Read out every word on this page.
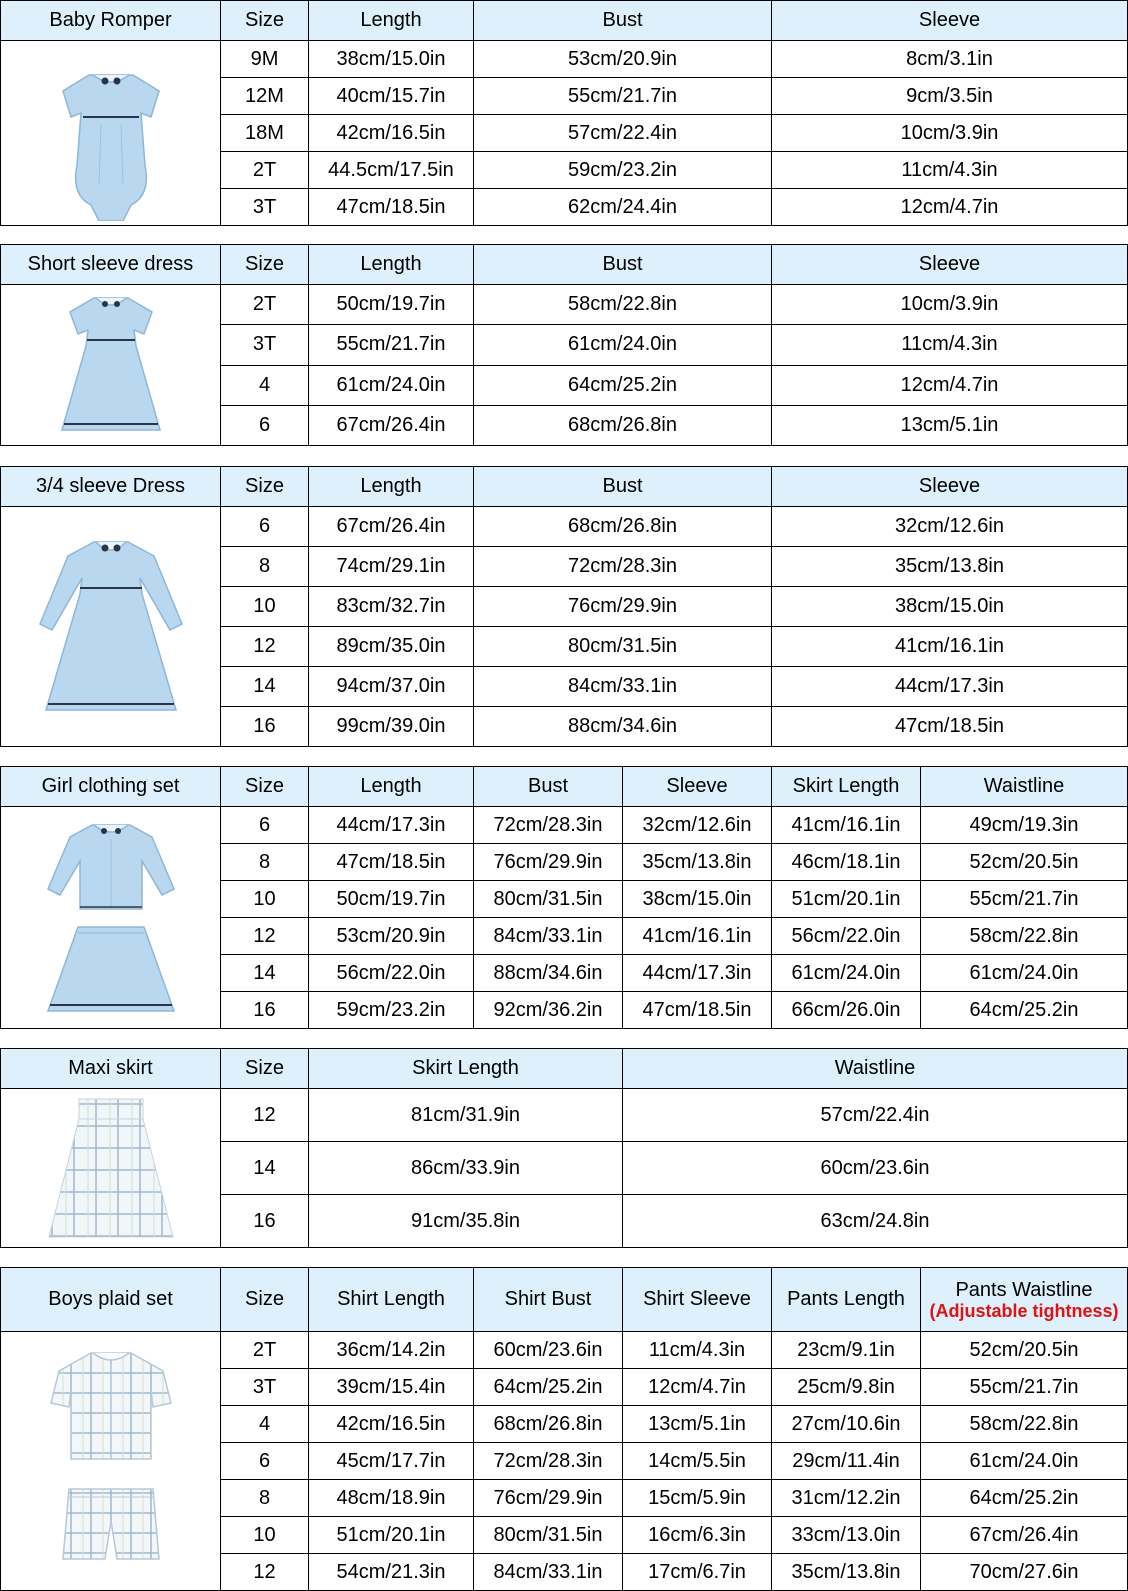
Baby Romper	Size	Length	Bust	Sleeve

	9M	38cm/15.0in	53cm/20.9in	8cm/3.1in
	12M	40cm/15.7in	55cm/21.7in	9cm/3.5in
	18M	42cm/16.5in	57cm/22.4in	10cm/3.9in
	2T	44.5cm/17.5in	59cm/23.2in	11cm/4.3in
	3T	47cm/18.5in	62cm/24.4in	12cm/4.7in
Short sleeve dress	Size	Length	Bust	Sleeve

	2T	50cm/19.7in	58cm/22.8in	10cm/3.9in
	3T	55cm/21.7in	61cm/24.0in	11cm/4.3in
	4	61cm/24.0in	64cm/25.2in	12cm/4.7in
	6	67cm/26.4in	68cm/26.8in	13cm/5.1in
3/4 sleeve Dress	Size	Length	Bust	Sleeve

	6	67cm/26.4in	68cm/26.8in	32cm/12.6in
	8	74cm/29.1in	72cm/28.3in	35cm/13.8in
	10	83cm/32.7in	76cm/29.9in	38cm/15.0in
	12	89cm/35.0in	80cm/31.5in	41cm/16.1in
	14	94cm/37.0in	84cm/33.1in	44cm/17.3in
	16	99cm/39.0in	88cm/34.6in	47cm/18.5in
Girl clothing set	Size	Length	Bust	Sleeve	Skirt Length	Waistline

	6	44cm/17.3in	72cm/28.3in	32cm/12.6in	41cm/16.1in	49cm/19.3in
	8	47cm/18.5in	76cm/29.9in	35cm/13.8in	46cm/18.1in	52cm/20.5in
	10	50cm/19.7in	80cm/31.5in	38cm/15.0in	51cm/20.1in	55cm/21.7in
	12	53cm/20.9in	84cm/33.1in	41cm/16.1in	56cm/22.0in	58cm/22.8in
	14	56cm/22.0in	88cm/34.6in	44cm/17.3in	61cm/24.0in	61cm/24.0in
	16	59cm/23.2in	92cm/36.2in	47cm/18.5in	66cm/26.0in	64cm/25.2in
Maxi skirt	Size	Skirt Length	Waistline

	12	81cm/31.9in	57cm/22.4in
	14	86cm/33.9in	60cm/23.6in
	16	91cm/35.8in	63cm/24.8in
Boys plaid set	Size	Shirt Length	Shirt Bust	Shirt Sleeve	Pants Length	Pants Waistline
(Adjustable tightness)

	2T	36cm/14.2in	60cm/23.6in	11cm/4.3in	23cm/9.1in	52cm/20.5in
	3T	39cm/15.4in	64cm/25.2in	12cm/4.7in	25cm/9.8in	55cm/21.7in
	4	42cm/16.5in	68cm/26.8in	13cm/5.1in	27cm/10.6in	58cm/22.8in
	6	45cm/17.7in	72cm/28.3in	14cm/5.5in	29cm/11.4in	61cm/24.0in
	8	48cm/18.9in	76cm/29.9in	15cm/5.9in	31cm/12.2in	64cm/25.2in
	10	51cm/20.1in	80cm/31.5in	16cm/6.3in	33cm/13.0in	67cm/26.4in
	12	54cm/21.3in	84cm/33.1in	17cm/6.7in	35cm/13.8in	70cm/27.6in
